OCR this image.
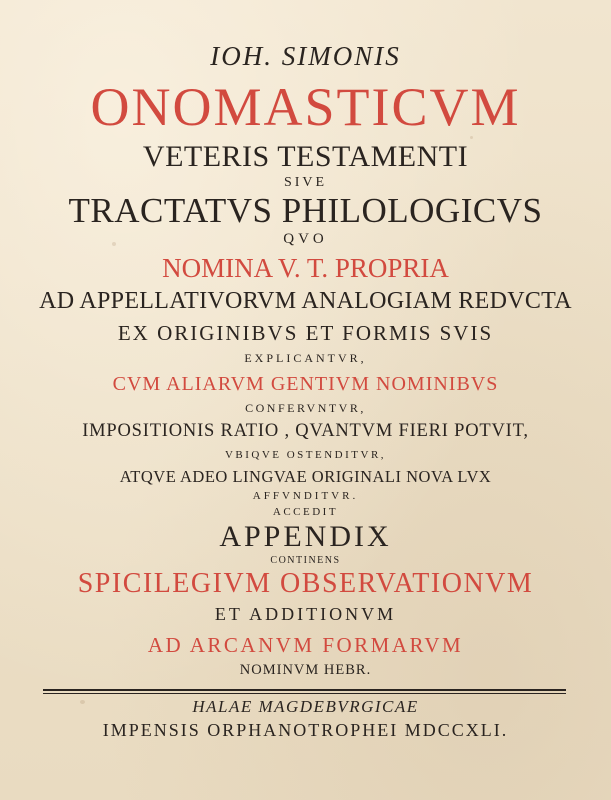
IOH. SIMONIS
ONOMASTICVM
VETERIS TESTAMENTI
SIVE
TRACTATVS PHILOLOGICVS
QVO
NOMINA V. T. PROPRIA
AD APPELLATIVORVM ANALOGIAM REDVCTA
EX ORIGINIBVS ET FORMIS SVIS
EXPLICANTVR,
CVM ALIARVM GENTIVM NOMINIBVS
CONFERVNTVR,
IMPOSITIONIS RATIO , QVANTVM FIERI POTVIT,
VBIQVE OSTENDITVR,
ATQVE ADEO LINGVAE ORIGINALI NOVA LVX
AFFVNDITVR.
ACCEDIT
APPENDIX
CONTINENS
SPICILEGIVM OBSERVATIONVM
ET ADDITIONVM
AD ARCANVM FORMARVM
NOMINVM HEBR.
HALAE MAGDEBVRGICAE
IMPENSIS ORPHANOTROPHEI MDCCXLI.
